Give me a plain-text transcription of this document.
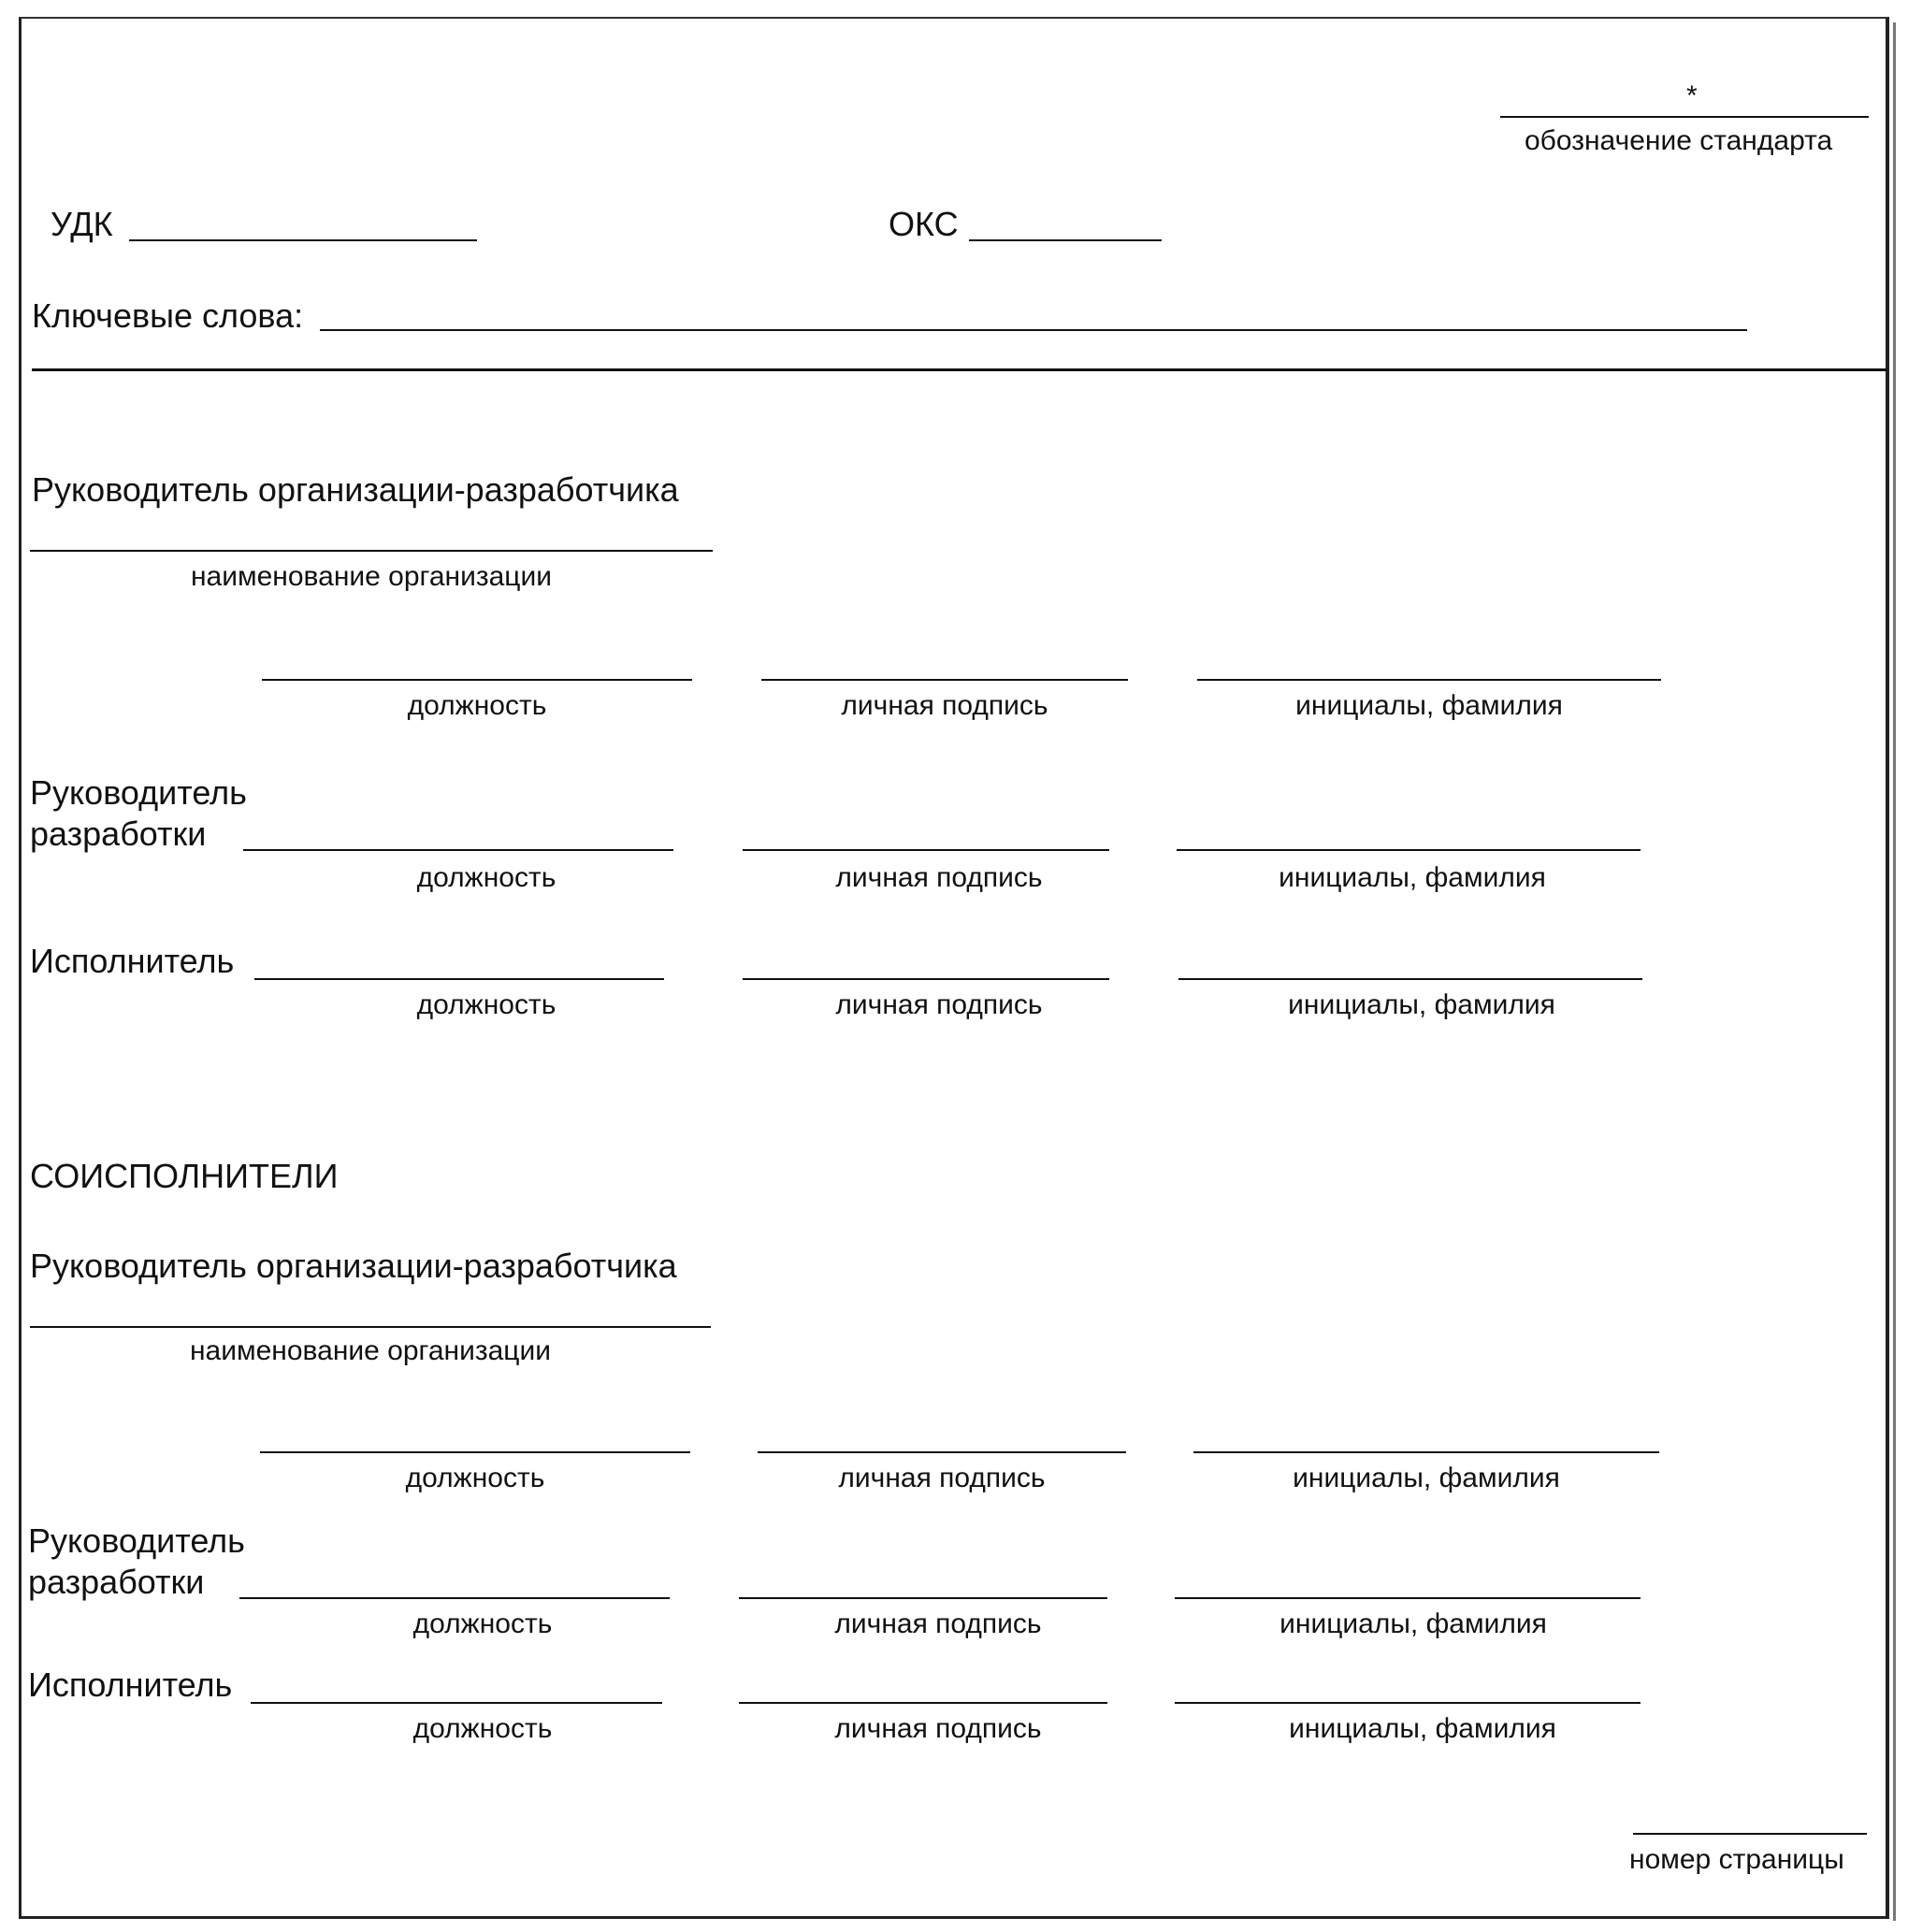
*
обозначение стандарта
УДК	ОКС
Ключевые слова:
Руководитель организации-разработчика
наименование организации
должность	личная подпись	инициалы, фамилия
Руководитель
разработки
должность	личная подпись	инициалы, фамилия
Исполнитель
должность	личная подпись	инициалы, фамилия
СОИСПОЛНИТЕЛИ
Руководитель организации-разработчика
наименование организации
должность	личная подпись	инициалы, фамилия
Руководитель
разработки
должность	личная подпись	инициалы, фамилия
Исполнитель
должность	личная подпись	инициалы, фамилия
номер страницы
